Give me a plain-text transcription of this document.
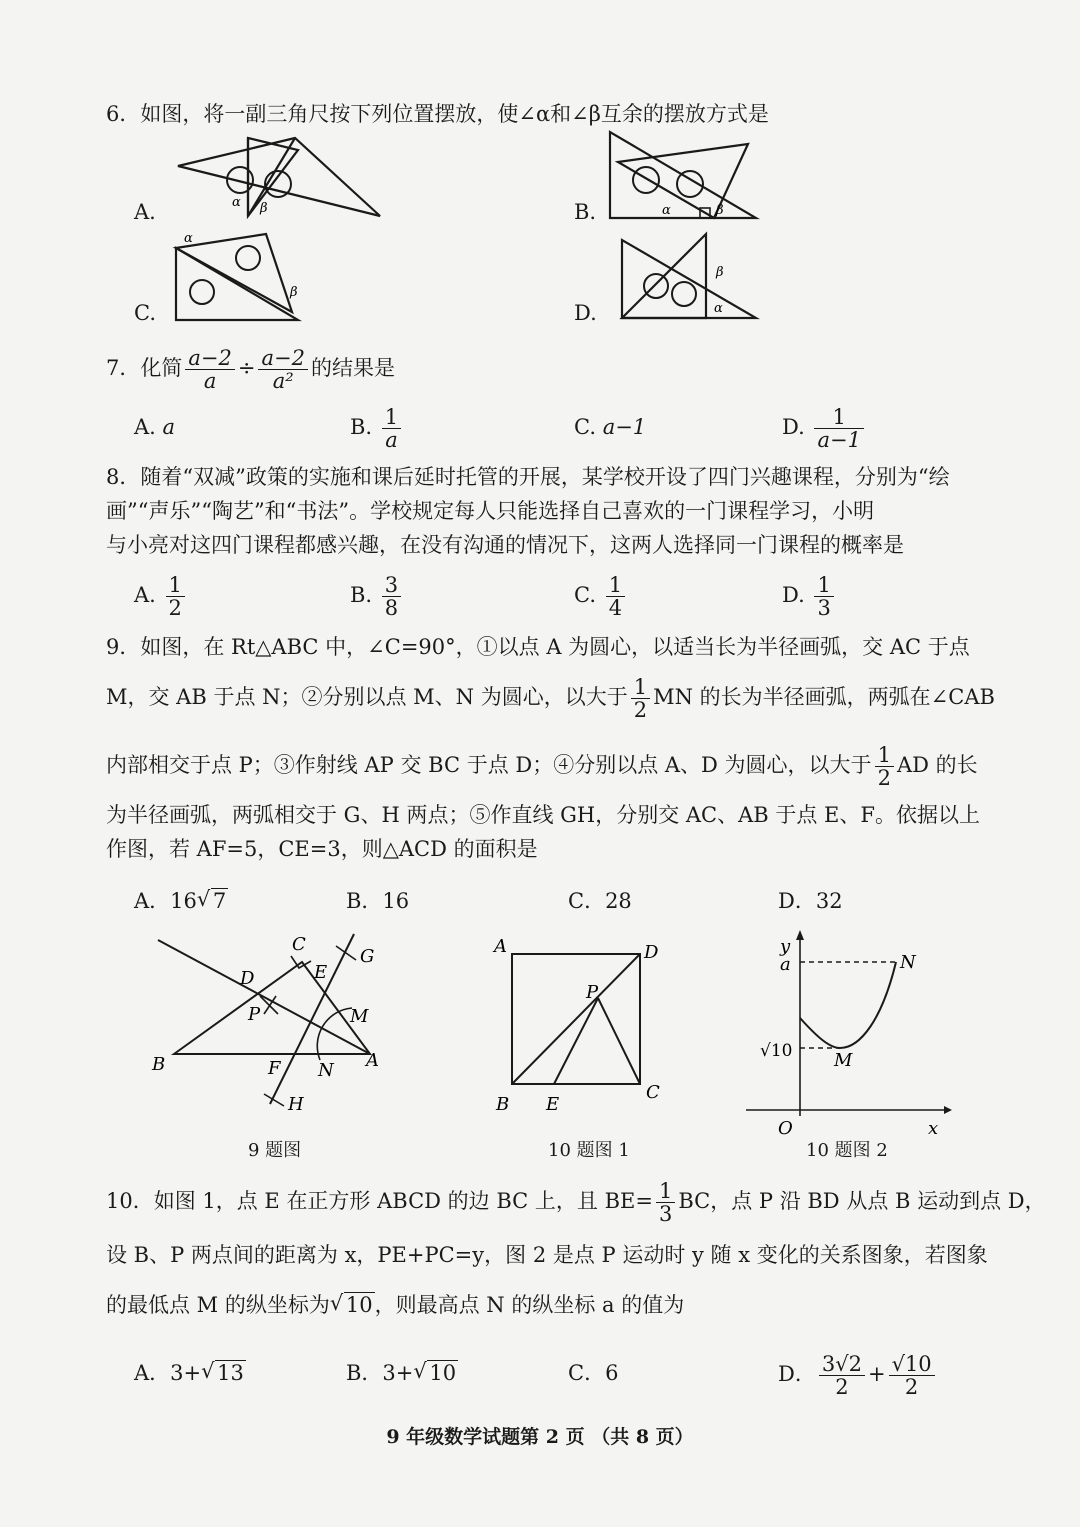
6．如图，将一副三角尺按下列位置摆放，使∠α和∠β互余的摆放方式是
A.	α β	B.	α	β
C.
α
β
D.
β
α
7．化简 $\frac{a-2}{a} \div \frac{a-2}{\text{a²}}$ 的结果是
A. a	B. $\frac{1}{a}$	C. a−1	D. $\frac{1}{a-1}$
8．随着“双减”政策的实施和课后延时托管的开展，某学校开设了四门兴趣课程，分别为“绘
画”“声乐”“陶艺”和“书法”。学校规定每人只能选择自己喜欢的一门课程学习，小明
与小亮对这四门课程都感兴趣，在没有沟通的情况下，这两人选择同一门课程的概率是
A. $\frac{1}{2}$	B. $\frac{3}{8}$	C. $\frac{1}{4}$	D. $\frac{1}{3}$
9．如图，在 Rt△ABC 中，∠C=90°，①以点 A 为圆心，以适当长为半径画弧，交 AC 于点
M，交 AB 于点 N；②分别以点 M、N 为圆心，以大于 $\frac{1}{2}$ MN 的长为半径画弧，两弧在∠CAB
内部相交于点 P；③作射线 AP 交 BC 于点 D；④分别以点 A、D 为圆心，以大于 $\frac{1}{2}$ AD 的长
为半径画弧，两弧相交于 G、H 两点；⑤作直线 GH，分别交 AC、AB 于点 E、F。依据以上
作图，若 AF=5，CE=3，则△ACD 的面积是
A．16 √ 7	B．16	C．28	D．32
C
G
D	E
P	M
B	F N A
H
9 题图
A	D
P
B E
C
10 题图 1
y
a	N
√10 M
O	x
10 题图 2
10．如图 1，点 E 在正方形 ABCD 的边 BC 上，且 $BE= \frac{1}{3}$ BC，点 P 沿 BD 从点 B 运动到点 D，
设 B、P 两点间的距离为 x，PE+PC=y，图 2 是点 P 运动时 y 随 x 变化的关系图象，若图象
的最低点 M 的纵坐标为 √ 10，则最高点 N 的纵坐标 a 的值为
A．3+ √ 13	B．3+ √ 10	C．6	D． $\frac{3√2}{2} + \frac{√10}{2}$
9 年级数学试题第 2 页 （共 8 页）
